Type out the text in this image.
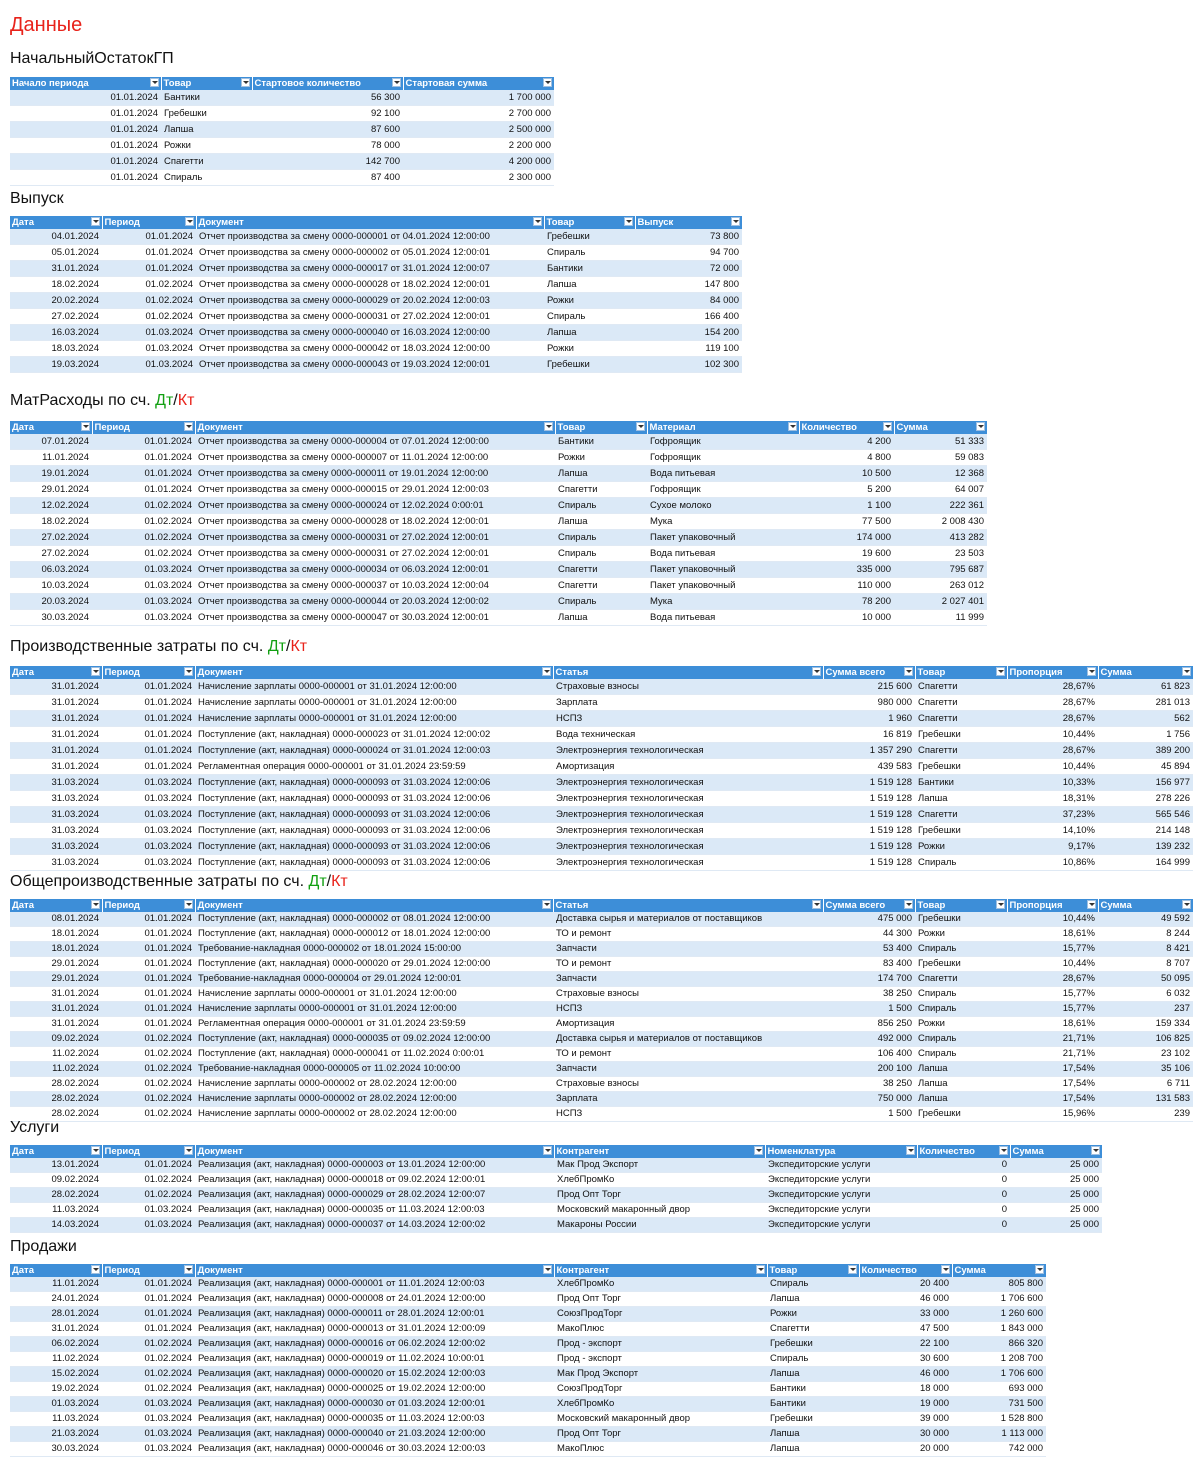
Данные
НачальныйОстатокГП
Начало периода	Товар	Стартовое количество	Стартовая сумма

01.01.2024	Бантики	56 300	1 700 000
01.01.2024	Гребешки	92 100	2 700 000
01.01.2024	Лапша	87 600	2 500 000
01.01.2024	Рожки	78 000	2 200 000
01.01.2024	Спагетти	142 700	4 200 000
01.01.2024	Спираль	87 400	2 300 000
Выпуск
Дата	Период	Документ	Товар	Выпуск

04.01.2024	01.01.2024	Отчет производства за смену 0000-000001 от 04.01.2024 12:00:00	Гребешки	73 800
05.01.2024	01.01.2024	Отчет производства за смену 0000-000002 от 05.01.2024 12:00:01	Спираль	94 700
31.01.2024	01.01.2024	Отчет производства за смену 0000-000017 от 31.01.2024 12:00:07	Бантики	72 000
18.02.2024	01.02.2024	Отчет производства за смену 0000-000028 от 18.02.2024 12:00:01	Лапша	147 800
20.02.2024	01.02.2024	Отчет производства за смену 0000-000029 от 20.02.2024 12:00:03	Рожки	84 000
27.02.2024	01.02.2024	Отчет производства за смену 0000-000031 от 27.02.2024 12:00:01	Спираль	166 400
16.03.2024	01.03.2024	Отчет производства за смену 0000-000040 от 16.03.2024 12:00:00	Лапша	154 200
18.03.2024	01.03.2024	Отчет производства за смену 0000-000042 от 18.03.2024 12:00:00	Рожки	119 100
19.03.2024	01.03.2024	Отчет производства за смену 0000-000043 от 19.03.2024 12:00:01	Гребешки	102 300
МатРасходы по сч. Дт/Кт
Дата	Период	Документ	Товар	Материал	Количество	Сумма

07.01.2024	01.01.2024	Отчет производства за смену 0000-000004 от 07.01.2024 12:00:00	Бантики	Гофроящик	4 200	51 333
11.01.2024	01.01.2024	Отчет производства за смену 0000-000007 от 11.01.2024 12:00:00	Рожки	Гофроящик	4 800	59 083
19.01.2024	01.01.2024	Отчет производства за смену 0000-000011 от 19.01.2024 12:00:00	Лапша	Вода питьевая	10 500	12 368
29.01.2024	01.01.2024	Отчет производства за смену 0000-000015 от 29.01.2024 12:00:03	Спагетти	Гофроящик	5 200	64 007
12.02.2024	01.02.2024	Отчет производства за смену 0000-000024 от 12.02.2024 0:00:01	Спираль	Сухое молоко	1 100	222 361
18.02.2024	01.02.2024	Отчет производства за смену 0000-000028 от 18.02.2024 12:00:01	Лапша	Мука	77 500	2 008 430
27.02.2024	01.02.2024	Отчет производства за смену 0000-000031 от 27.02.2024 12:00:01	Спираль	Пакет упаковочный	174 000	413 282
27.02.2024	01.02.2024	Отчет производства за смену 0000-000031 от 27.02.2024 12:00:01	Спираль	Вода питьевая	19 600	23 503
06.03.2024	01.03.2024	Отчет производства за смену 0000-000034 от 06.03.2024 12:00:01	Спагетти	Пакет упаковочный	335 000	795 687
10.03.2024	01.03.2024	Отчет производства за смену 0000-000037 от 10.03.2024 12:00:04	Спагетти	Пакет упаковочный	110 000	263 012
20.03.2024	01.03.2024	Отчет производства за смену 0000-000044 от 20.03.2024 12:00:02	Спираль	Мука	78 200	2 027 401
30.03.2024	01.03.2024	Отчет производства за смену 0000-000047 от 30.03.2024 12:00:01	Лапша	Вода питьевая	10 000	11 999
Производственные затраты по сч. Дт/Кт
Дата	Период	Документ	Статья	Сумма всего	Товар	Пропорция	Сумма

31.01.2024	01.01.2024	Начисление зарплаты 0000-000001 от 31.01.2024 12:00:00	Страховые взносы	215 600	Спагетти	28,67%	61 823
31.01.2024	01.01.2024	Начисление зарплаты 0000-000001 от 31.01.2024 12:00:00	Зарплата	980 000	Спагетти	28,67%	281 013
31.01.2024	01.01.2024	Начисление зарплаты 0000-000001 от 31.01.2024 12:00:00	НСПЗ	1 960	Спагетти	28,67%	562
31.01.2024	01.01.2024	Поступление (акт, накладная) 0000-000023 от 31.01.2024 12:00:02	Вода техническая	16 819	Гребешки	10,44%	1 756
31.01.2024	01.01.2024	Поступление (акт, накладная) 0000-000024 от 31.01.2024 12:00:03	Электроэнергия технологическая	1 357 290	Спагетти	28,67%	389 200
31.01.2024	01.01.2024	Регламентная операция 0000-000001 от 31.01.2024 23:59:59	Амортизация	439 583	Гребешки	10,44%	45 894
31.03.2024	01.03.2024	Поступление (акт, накладная) 0000-000093 от 31.03.2024 12:00:06	Электроэнергия технологическая	1 519 128	Бантики	10,33%	156 977
31.03.2024	01.03.2024	Поступление (акт, накладная) 0000-000093 от 31.03.2024 12:00:06	Электроэнергия технологическая	1 519 128	Лапша	18,31%	278 226
31.03.2024	01.03.2024	Поступление (акт, накладная) 0000-000093 от 31.03.2024 12:00:06	Электроэнергия технологическая	1 519 128	Спагетти	37,23%	565 546
31.03.2024	01.03.2024	Поступление (акт, накладная) 0000-000093 от 31.03.2024 12:00:06	Электроэнергия технологическая	1 519 128	Гребешки	14,10%	214 148
31.03.2024	01.03.2024	Поступление (акт, накладная) 0000-000093 от 31.03.2024 12:00:06	Электроэнергия технологическая	1 519 128	Рожки	9,17%	139 232
31.03.2024	01.03.2024	Поступление (акт, накладная) 0000-000093 от 31.03.2024 12:00:06	Электроэнергия технологическая	1 519 128	Спираль	10,86%	164 999
Общепроизводственные затраты по сч. Дт/Кт
Дата	Период	Документ	Статья	Сумма всего	Товар	Пропорция	Сумма

08.01.2024	01.01.2024	Поступление (акт, накладная) 0000-000002 от 08.01.2024 12:00:00	Доставка сырья и материалов от поставщиков	475 000	Гребешки	10,44%	49 592
18.01.2024	01.01.2024	Поступление (акт, накладная) 0000-000012 от 18.01.2024 12:00:00	ТО и ремонт	44 300	Рожки	18,61%	8 244
18.01.2024	01.01.2024	Требование-накладная 0000-000002 от 18.01.2024 15:00:00	Запчасти	53 400	Спираль	15,77%	8 421
29.01.2024	01.01.2024	Поступление (акт, накладная) 0000-000020 от 29.01.2024 12:00:00	ТО и ремонт	83 400	Гребешки	10,44%	8 707
29.01.2024	01.01.2024	Требование-накладная 0000-000004 от 29.01.2024 12:00:01	Запчасти	174 700	Спагетти	28,67%	50 095
31.01.2024	01.01.2024	Начисление зарплаты 0000-000001 от 31.01.2024 12:00:00	Страховые взносы	38 250	Спираль	15,77%	6 032
31.01.2024	01.01.2024	Начисление зарплаты 0000-000001 от 31.01.2024 12:00:00	НСПЗ	1 500	Спираль	15,77%	237
31.01.2024	01.01.2024	Регламентная операция 0000-000001 от 31.01.2024 23:59:59	Амортизация	856 250	Рожки	18,61%	159 334
09.02.2024	01.02.2024	Поступление (акт, накладная) 0000-000035 от 09.02.2024 12:00:00	Доставка сырья и материалов от поставщиков	492 000	Спираль	21,71%	106 825
11.02.2024	01.02.2024	Поступление (акт, накладная) 0000-000041 от 11.02.2024 0:00:01	ТО и ремонт	106 400	Спираль	21,71%	23 102
11.02.2024	01.02.2024	Требование-накладная 0000-000005 от 11.02.2024 10:00:00	Запчасти	200 100	Лапша	17,54%	35 106
28.02.2024	01.02.2024	Начисление зарплаты 0000-000002 от 28.02.2024 12:00:00	Страховые взносы	38 250	Лапша	17,54%	6 711
28.02.2024	01.02.2024	Начисление зарплаты 0000-000002 от 28.02.2024 12:00:00	Зарплата	750 000	Лапша	17,54%	131 583
28.02.2024	01.02.2024	Начисление зарплаты 0000-000002 от 28.02.2024 12:00:00	НСПЗ	1 500	Гребешки	15,96%	239
Услуги
Дата	Период	Документ	Контрагент	Номенклатура	Количество	Сумма

13.01.2024	01.01.2024	Реализация (акт, накладная) 0000-000003 от 13.01.2024 12:00:00	Мак Прод Экспорт	Экспедиторские услуги	0	25 000
09.02.2024	01.02.2024	Реализация (акт, накладная) 0000-000018 от 09.02.2024 12:00:01	ХлебПромКо	Экспедиторские услуги	0	25 000
28.02.2024	01.02.2024	Реализация (акт, накладная) 0000-000029 от 28.02.2024 12:00:07	Прод Опт Торг	Экспедиторские услуги	0	25 000
11.03.2024	01.03.2024	Реализация (акт, накладная) 0000-000035 от 11.03.2024 12:00:03	Московский макаронный двор	Экспедиторские услуги	0	25 000
14.03.2024	01.03.2024	Реализация (акт, накладная) 0000-000037 от 14.03.2024 12:00:02	Макароны России	Экспедиторские услуги	0	25 000
Продажи
Дата	Период	Документ	Контрагент	Товар	Количество	Сумма

11.01.2024	01.01.2024	Реализация (акт, накладная) 0000-000001 от 11.01.2024 12:00:03	ХлебПромКо	Спираль	20 400	805 800
24.01.2024	01.01.2024	Реализация (акт, накладная) 0000-000008 от 24.01.2024 12:00:00	Прод Опт Торг	Лапша	46 000	1 706 600
28.01.2024	01.01.2024	Реализация (акт, накладная) 0000-000011 от 28.01.2024 12:00:01	СоюзПродТорг	Рожки	33 000	1 260 600
31.01.2024	01.01.2024	Реализация (акт, накладная) 0000-000013 от 31.01.2024 12:00:09	МакоПлюс	Спагетти	47 500	1 843 000
06.02.2024	01.02.2024	Реализация (акт, накладная) 0000-000016 от 06.02.2024 12:00:02	Прод - экспорт	Гребешки	22 100	866 320
11.02.2024	01.02.2024	Реализация (акт, накладная) 0000-000019 от 11.02.2024 10:00:01	Прод - экспорт	Спираль	30 600	1 208 700
15.02.2024	01.02.2024	Реализация (акт, накладная) 0000-000020 от 15.02.2024 12:00:03	Мак Прод Экспорт	Лапша	46 000	1 706 600
19.02.2024	01.02.2024	Реализация (акт, накладная) 0000-000025 от 19.02.2024 12:00:00	СоюзПродТорг	Бантики	18 000	693 000
01.03.2024	01.03.2024	Реализация (акт, накладная) 0000-000030 от 01.03.2024 12:00:01	ХлебПромКо	Бантики	19 000	731 500
11.03.2024	01.03.2024	Реализация (акт, накладная) 0000-000035 от 11.03.2024 12:00:03	Московский макаронный двор	Гребешки	39 000	1 528 800
21.03.2024	01.03.2024	Реализация (акт, накладная) 0000-000040 от 21.03.2024 12:00:00	Прод Опт Торг	Лапша	30 000	1 113 000
30.03.2024	01.03.2024	Реализация (акт, накладная) 0000-000046 от 30.03.2024 12:00:03	МакоПлюс	Лапша	20 000	742 000
